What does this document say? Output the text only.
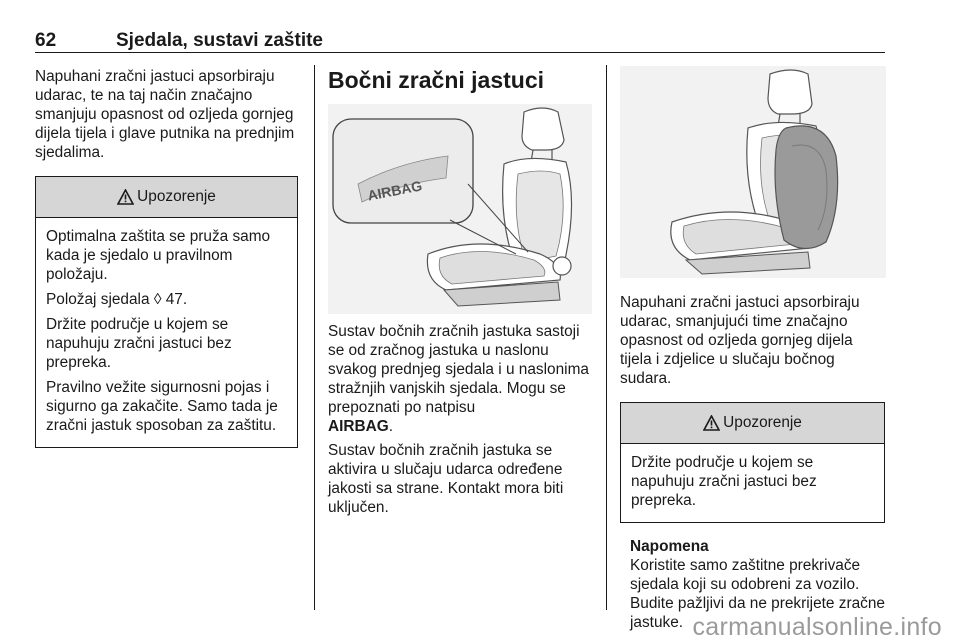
62	Sjedala, sustavi zaštite

Napuhani zračni jastuci apsorbiraju udarac, te na taj način značajno smanjuju opasnost od ozljeda gornjeg dijela tijela i glave putnika na prednjim sjedalima.

Upozorenje

Optimalna zaštita se pruža samo kada je sjedalo u pravilnom položaju.

Položaj sjedala ◊ 47.

Držite područje u kojem se napuhuju zračni jastuci bez prepreka.

Pravilno vežite sigurnosni pojas i sigurno ga zakačite. Samo tada je zračni jastuk sposoban za zaštitu.

Bočni zračni jastuci
AIRBAG

Sustav bočnih zračnih jastuka sastoji se od zračnog jastuka u naslonu svakog prednjeg sjedala i u naslonima stražnjih vanjskih sjedala. Mogu se prepoznati po natpisu
AIRBAG.

Sustav bočnih zračnih jastuka se aktivira u slučaju udarca određene jakosti sa strane. Kontakt mora biti uključen.

Napuhani zračni jastuci apsorbiraju udarac, smanjujući time značajno opasnost od ozljeda gornjeg dijela tijela i zdjelice u slučaju bočnog sudara.

Upozorenje

Držite područje u kojem se napuhuju zračni jastuci bez prepreka.

Napomena

Koristite samo zaštitne prekrivače sjedala koji su odobreni za vozilo. Budite pažljivi da ne prekrijete zračne jastuke. carmanualsonline.info
